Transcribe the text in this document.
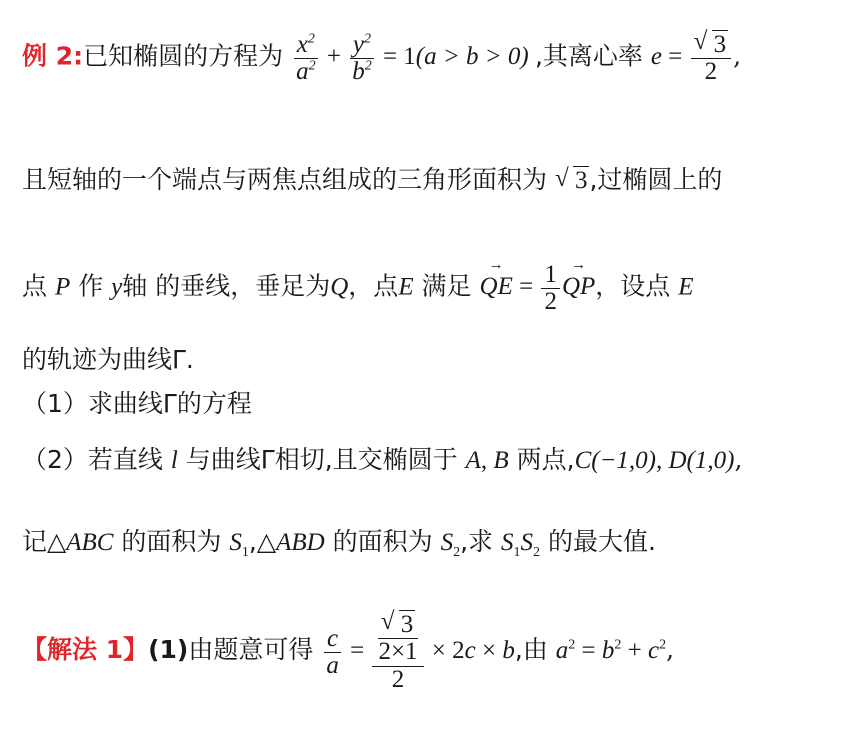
例 2:已知椭圆的方程为 $\frac{x^2}{a^2} + \frac{y^2}{b^2} = 1(a > b > 0)$ ,其离心率 e = √ $\frac{3}{2}$ ,
且短轴的一个端点与两焦点组成的三角形面积为 √ 3,过椭圆上的
点 P 作 y轴 的垂线，垂足为Q，点E 满足 → QE = $\frac{1}{2}$ → QP，设点 E
的轨迹为曲线Γ.
（1）求曲线Γ的方程
（2）若直线 l 与曲线Γ相切,且交椭圆于 A, B 两点,C(−1,0), D(1,0),
记△ABC 的面积为 $S_1,\triangle ABD$ 的面积为 $S_2$,求 $S_1S_2$ 的最大值.
【解法 1】(1)由题意可得 $\frac{c}{a}$ = √ $\frac{\frac{3}{2\times 1}}{2} \times 2c \times b$,由 $a^2 = b^2 + c^2$,
